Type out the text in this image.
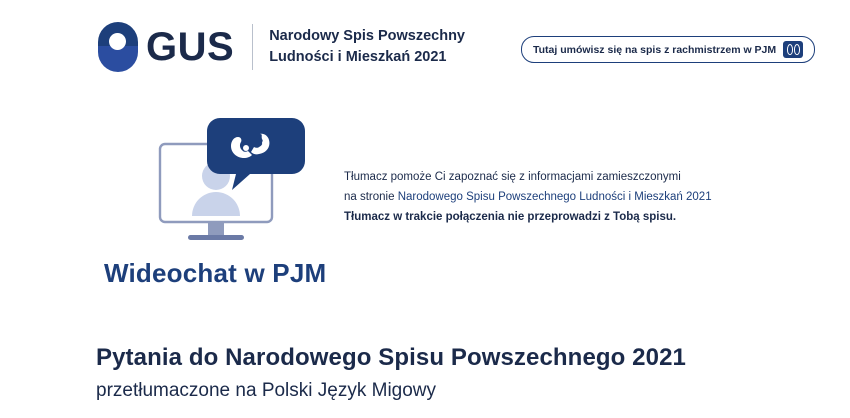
GUS Narodowy Spis Powszechny
Ludności i Mieszkań 2021	Tutaj umówisz się na spis z rachmistrzem w PJM
Wideochat w PJM
Tłumacz pomoże Ci zapoznać się z informacjami zamieszczonymi
na stronie Narodowego Spisu Powszechnego Ludności i Mieszkań 2021
Tłumacz w trakcie połączenia nie przeprowadzi z Tobą spisu.
Pytania do Narodowego Spisu Powszechnego 2021
przetłumaczone na Polski Język Migowy
